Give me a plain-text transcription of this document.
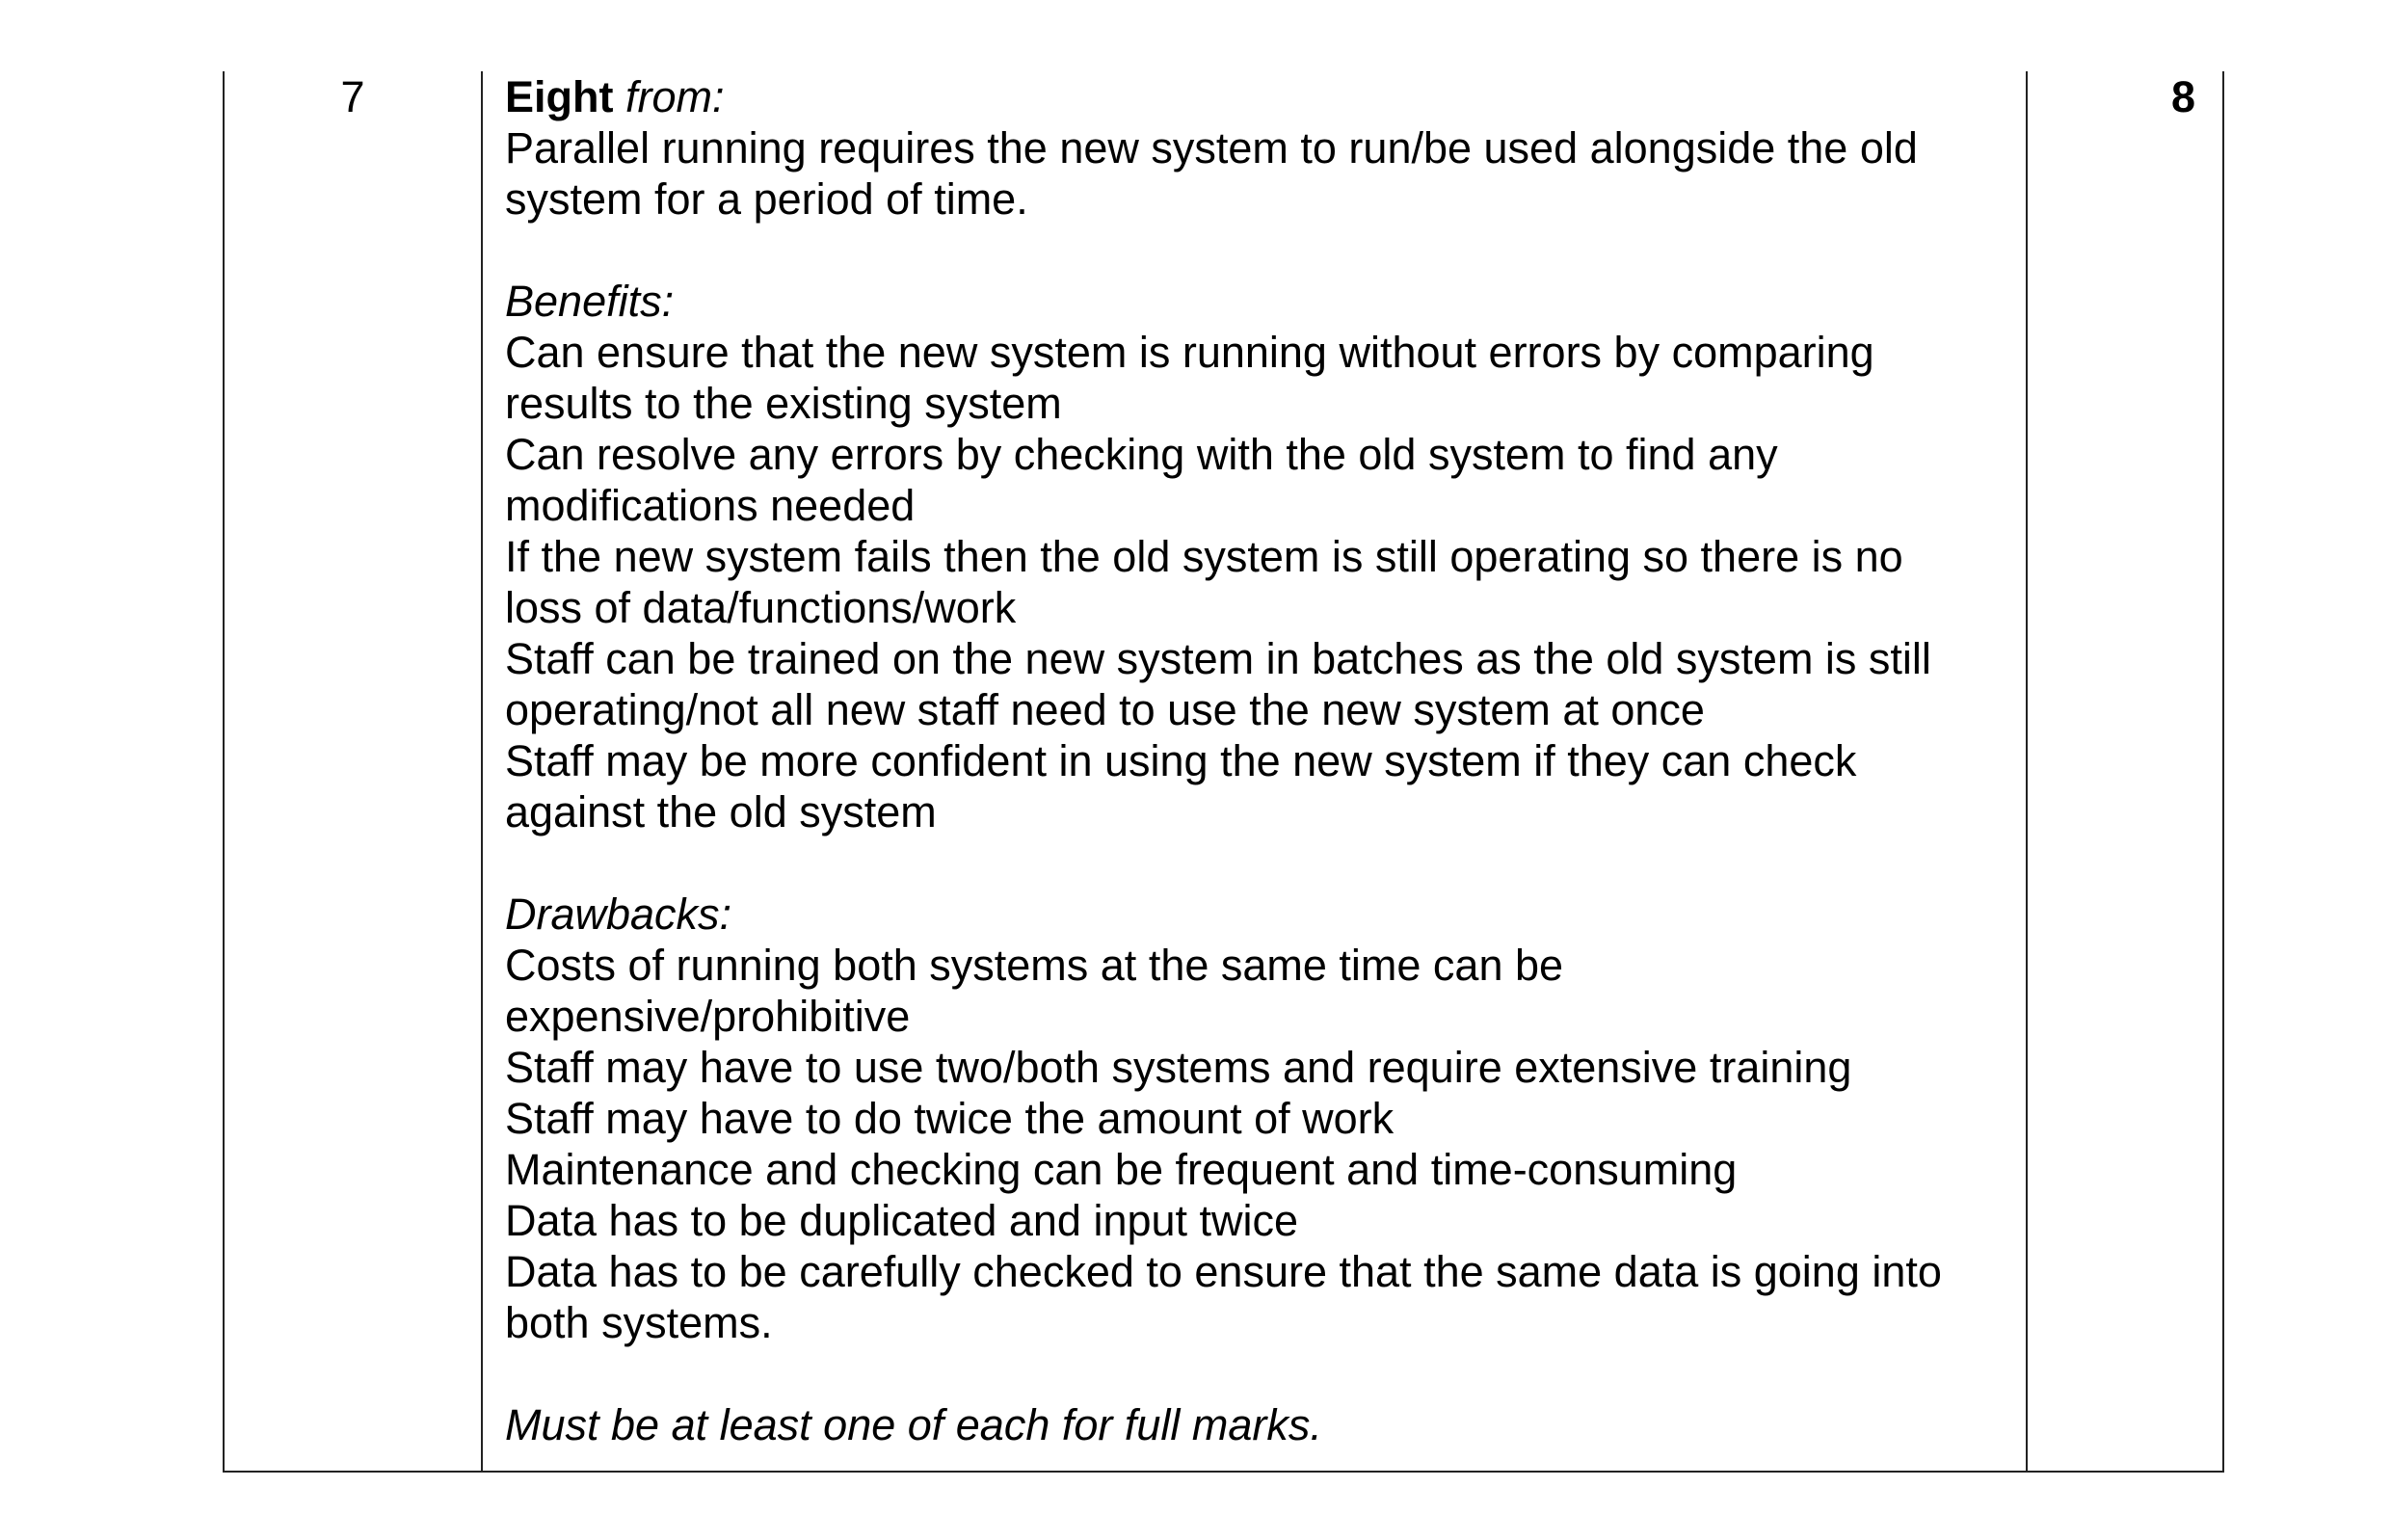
7	Eight from:
Parallel running requires the new system to run/be used alongside the old
system for a period of time.
Benefits:
Can ensure that the new system is running without errors by comparing
results to the existing system
Can resolve any errors by checking with the old system to find any
modifications needed
If the new system fails then the old system is still operating so there is no
loss of data/functions/work
Staff can be trained on the new system in batches as the old system is still
operating/not all new staff need to use the new system at once
Staff may be more confident in using the new system if they can check
against the old system
Drawbacks:
Costs of running both systems at the same time can be
expensive/prohibitive
Staff may have to use two/both systems and require extensive training
Staff may have to do twice the amount of work
Maintenance and checking can be frequent and time-consuming
Data has to be duplicated and input twice
Data has to be carefully checked to ensure that the same data is going into
both systems.
Must be at least one of each for full marks.
8
